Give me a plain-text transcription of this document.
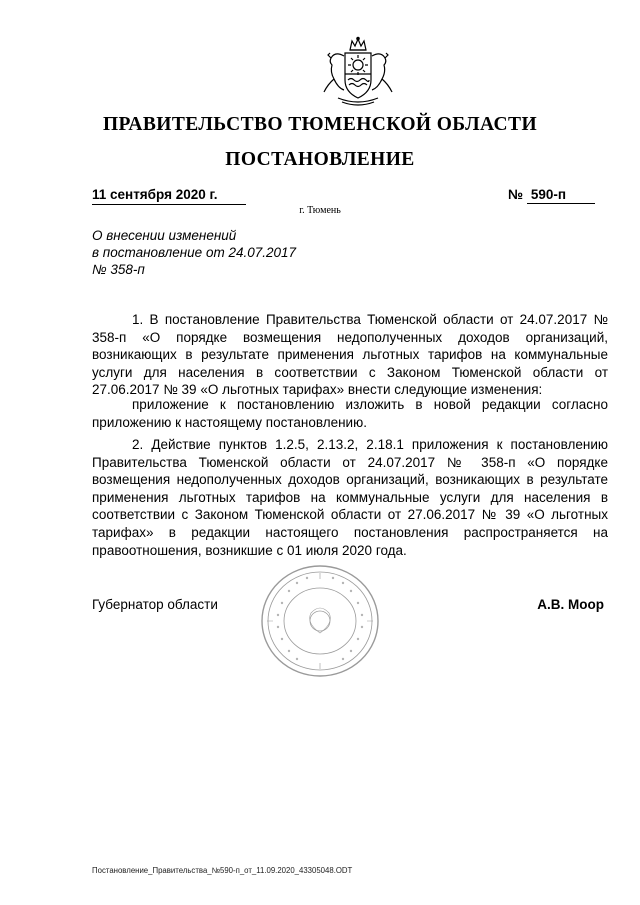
ПРАВИТЕЛЬСТВО ТЮМЕНСКОЙ ОБЛАСТИ
ПОСТАНОВЛЕНИЕ
11 сентября 2020 г.	№ 590-п
г. Тюмень
О внесении изменений
в постановление от 24.07.2017
№ 358-п
1. В постановление Правительства Тюменской области от 24.07.2017 № 358-п «О порядке возмещения недополученных доходов организаций, возникающих в результате применения льготных тарифов на коммунальные услуги для населения в соответствии с Законом Тюменской области от 27.06.2017 № 39 «О льготных тарифах» внести следующие изменения:
приложение к постановлению изложить в новой редакции согласно приложению к настоящему постановлению.
2. Действие пунктов 1.2.5, 2.13.2, 2.18.1 приложения к постановлению Правительства Тюменской области от 24.07.2017 № 358-п «О порядке возмещения недополученных доходов организаций, возникающих в результате применения льготных тарифов на коммунальные услуги для населения в соответствии с Законом Тюменской области от 27.06.2017 № 39 «О льготных тарифах» в редакции настоящего постановления распространяется на правоотношения, возникшие с 01 июля 2020 года.
Губернатор области	А.В. Моор
Постановление_Правительства_№590-п_от_11.09.2020_43305048.ODT
